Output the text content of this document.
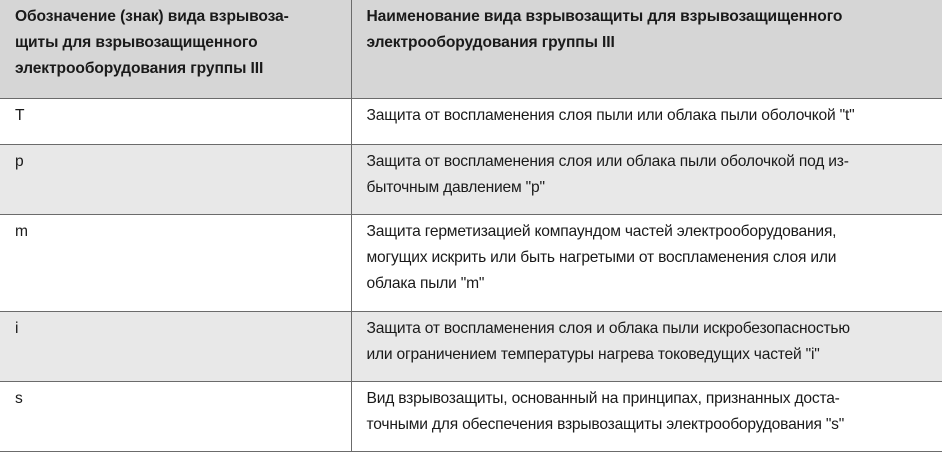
Обозначение (знак) вида взрывоза-
щиты для взрывозащищенного
электрооборудования группы III	Наименование вида взрывозащиты для взрывозащищенного
электрооборудования группы III

Т	Защита от воспламенения слоя пыли или облака пыли оболочкой "t"

p	Защита от воспламенения слоя или облака пыли оболочкой под из-
быточным давлением "p"

m	Защита герметизацией компаундом частей электрооборудования,
могущих искрить или быть нагретыми от воспламенения слоя или
облака пыли "m"

i	Защита от воспламенения слоя и облака пыли искробезопасностью
или ограничением температуры нагрева токоведущих частей "i"

s	Вид взрывозащиты, основанный на принципах, признанных доста-
точными для обеспечения взрывозащиты электрооборудования "s"
